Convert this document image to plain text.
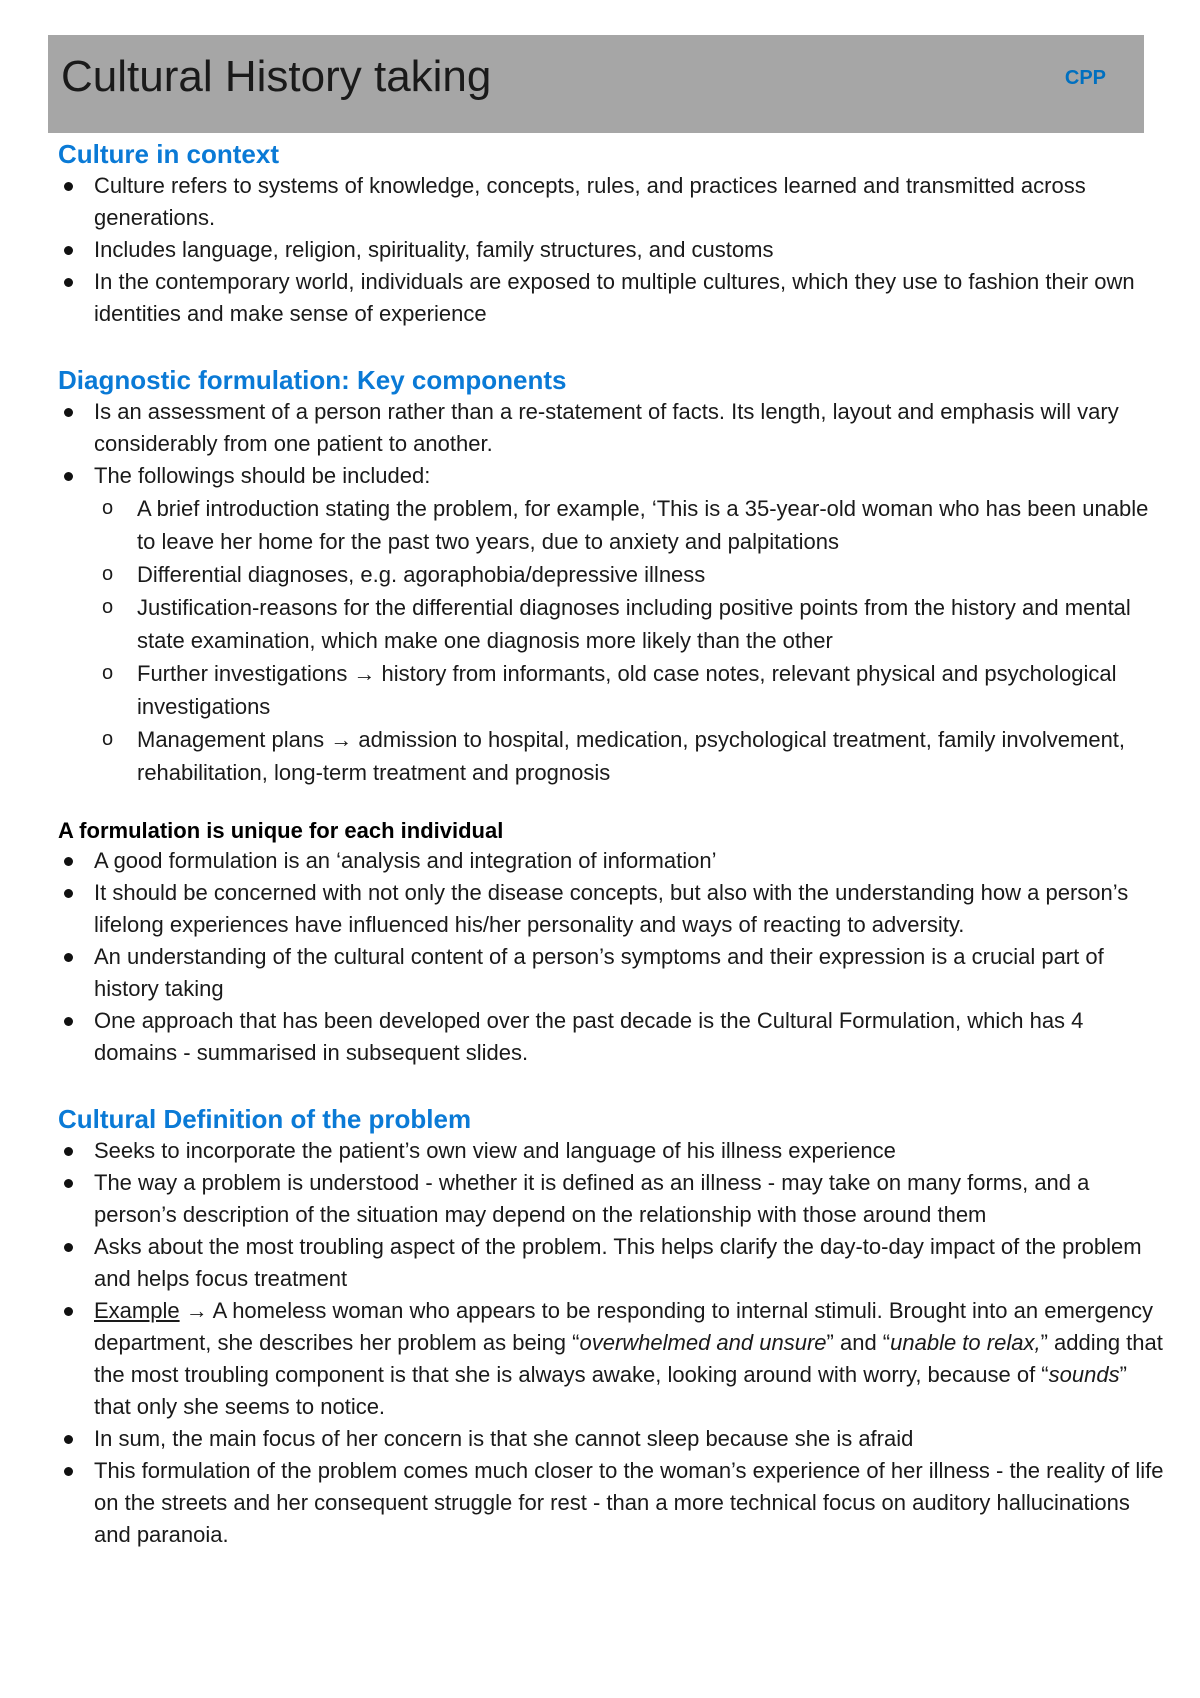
Cultural History taking	CPP
Culture in context
Culture refers to systems of knowledge, concepts, rules, and practices learned and transmitted across generations.
Includes language, religion, spirituality, family structures, and customs
In the contemporary world, individuals are exposed to multiple cultures, which they use to fashion their own identities and make sense of experience
Diagnostic formulation: Key components
Is an assessment of a person rather than a re-statement of facts. Its length, layout and emphasis will vary considerably from one patient to another.
The followings should be included:
o A brief introduction stating the problem, for example, ‘This is a 35-year-old woman who has been unable to leave her home for the past two years, due to anxiety and palpitations
o Differential diagnoses, e.g. agoraphobia/depressive illness
o Justification-reasons for the differential diagnoses including positive points from the history and mental state examination, which make one diagnosis more likely than the other
o Further investigations → history from informants, old case notes, relevant physical and psychological investigations
o Management plans → admission to hospital, medication, psychological treatment, family involvement, rehabilitation, long-term treatment and prognosis
A formulation is unique for each individual
A good formulation is an ‘analysis and integration of information’
It should be concerned with not only the disease concepts, but also with the understanding how a person’s lifelong experiences have influenced his/her personality and ways of reacting to adversity.
An understanding of the cultural content of a person’s symptoms and their expression is a crucial part of history taking
One approach that has been developed over the past decade is the Cultural Formulation, which has 4 domains - summarised in subsequent slides.
Cultural Definition of the problem
Seeks to incorporate the patient’s own view and language of his illness experience
The way a problem is understood - whether it is defined as an illness - may take on many forms, and a person’s description of the situation may depend on the relationship with those around them
Asks about the most troubling aspect of the problem. This helps clarify the day-to-day impact of the problem and helps focus treatment
Example → A homeless woman who appears to be responding to internal stimuli. Brought into an emergency department, she describes her problem as being “overwhelmed and unsure” and “unable to relax,” adding that the most troubling component is that she is always awake, looking around with worry, because of “sounds” that only she seems to notice.
In sum, the main focus of her concern is that she cannot sleep because she is afraid
This formulation of the problem comes much closer to the woman’s experience of her illness - the reality of life on the streets and her consequent struggle for rest - than a more technical focus on auditory hallucinations and paranoia.
